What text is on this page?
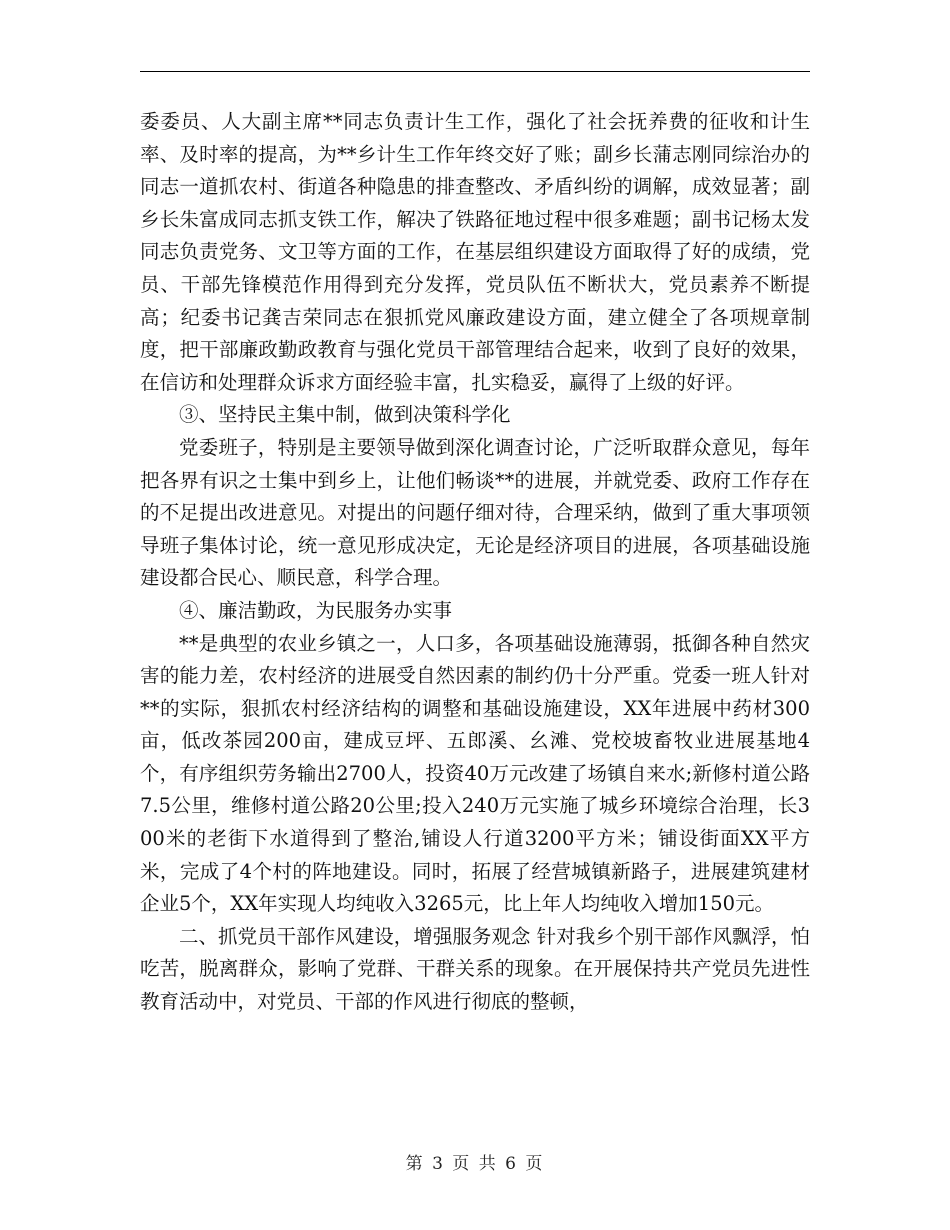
委委员、人大副主席**同志负责计生工作，强化了社会抚养费的征收和计生率、及时率的提高，为**乡计生工作年终交好了账；副乡长蒲志刚同综治办的同志一道抓农村、街道各种隐患的排查整改、矛盾纠纷的调解，成效显著；副乡长朱富成同志抓支铁工作，解决了铁路征地过程中很多难题；副书记杨太发同志负责党务、文卫等方面的工作，在基层组织建设方面取得了好的成绩，党员、干部先锋模范作用得到充分发挥，党员队伍不断状大，党员素养不断提高；纪委书记龚吉荣同志在狠抓党风廉政建设方面，建立健全了各项规章制度，把干部廉政勤政教育与强化党员干部管理结合起来，收到了良好的效果，在信访和处理群众诉求方面经验丰富，扎实稳妥，赢得了上级的好评。

③、坚持民主集中制，做到决策科学化

党委班子，特别是主要领导做到深化调查讨论，广泛听取群众意见，每年把各界有识之士集中到乡上，让他们畅谈**的进展，并就党委、政府工作存在的不足提出改进意见。对提出的问题仔细对待，合理采纳，做到了重大事项领导班子集体讨论，统一意见形成决定，无论是经济项目的进展，各项基础设施建设都合民心、顺民意，科学合理。

④、廉洁勤政，为民服务办实事

**是典型的农业乡镇之一，人口多，各项基础设施薄弱，抵御各种自然灾害的能力差，农村经济的进展受自然因素的制约仍十分严重。党委一班人针对**的实际，狠抓农村经济结构的调整和基础设施建设，XX年进展中药材300亩，低改茶园200亩，建成豆坪、五郎溪、幺滩、党校坡畜牧业进展基地4个，有序组织劳务输出2700人，投资40万元改建了场镇自来水;新修村道公路7.5公里，维修村道公路20公里;投入240万元实施了城乡环境综合治理，长300米的老街下水道得到了整治,铺设人行道3200平方米；铺设街面XX平方米，完成了4个村的阵地建设。同时，拓展了经营城镇新路子，进展建筑建材企业5个，XX年实现人均纯收入3265元，比上年人均纯收入增加150元。

二、抓党员干部作风建设，增强服务观念 针对我乡个别干部作风飘浮，怕吃苦，脱离群众，影响了党群、干群关系的现象。在开展保持共产党员先进性教育活动中，对党员、干部的作风进行彻底的整顿，

第 3 页 共 6 页
